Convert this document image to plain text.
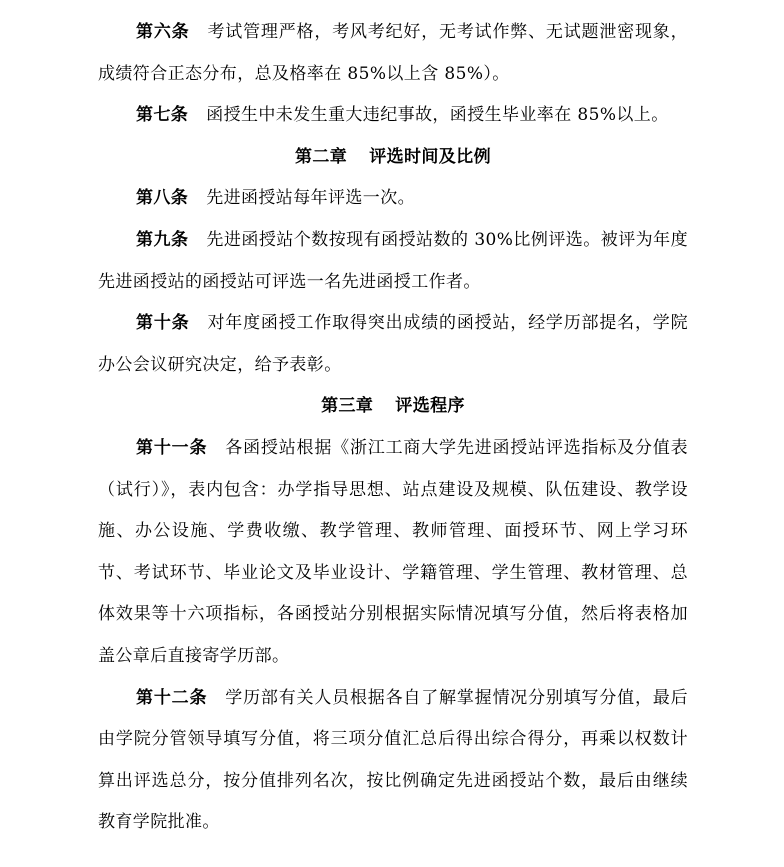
第六条 考试管理严格，考风考纪好，无考试作弊、无试题泄密现象，成绩符合正态分布，总及格率在 85%以上含 85%）。

第七条 函授生中未发生重大违纪事故，函授生毕业率在 85%以上。

第二章 评选时间及比例

第八条 先进函授站每年评选一次。

第九条 先进函授站个数按现有函授站数的 30%比例评选。被评为年度先进函授站的函授站可评选一名先进函授工作者。

第十条 对年度函授工作取得突出成绩的函授站，经学历部提名，学院办公会议研究决定，给予表彰。

第三章 评选程序

第十一条 各函授站根据《浙江工商大学先进函授站评选指标及分值表（试行）》，表内包含：办学指导思想、站点建设及规模、队伍建设、教学设施、办公设施、学费收缴、教学管理、教师管理、面授环节、网上学习环节、考试环节、毕业论文及毕业设计、学籍管理、学生管理、教材管理、总体效果等十六项指标，各函授站分别根据实际情况填写分值，然后将表格加盖公章后直接寄学历部。

第十二条 学历部有关人员根据各自了解掌握情况分别填写分值，最后由学院分管领导填写分值，将三项分值汇总后得出综合得分，再乘以权数计算出评选总分，按分值排列名次，按比例确定先进函授站个数，最后由继续教育学院批准。
